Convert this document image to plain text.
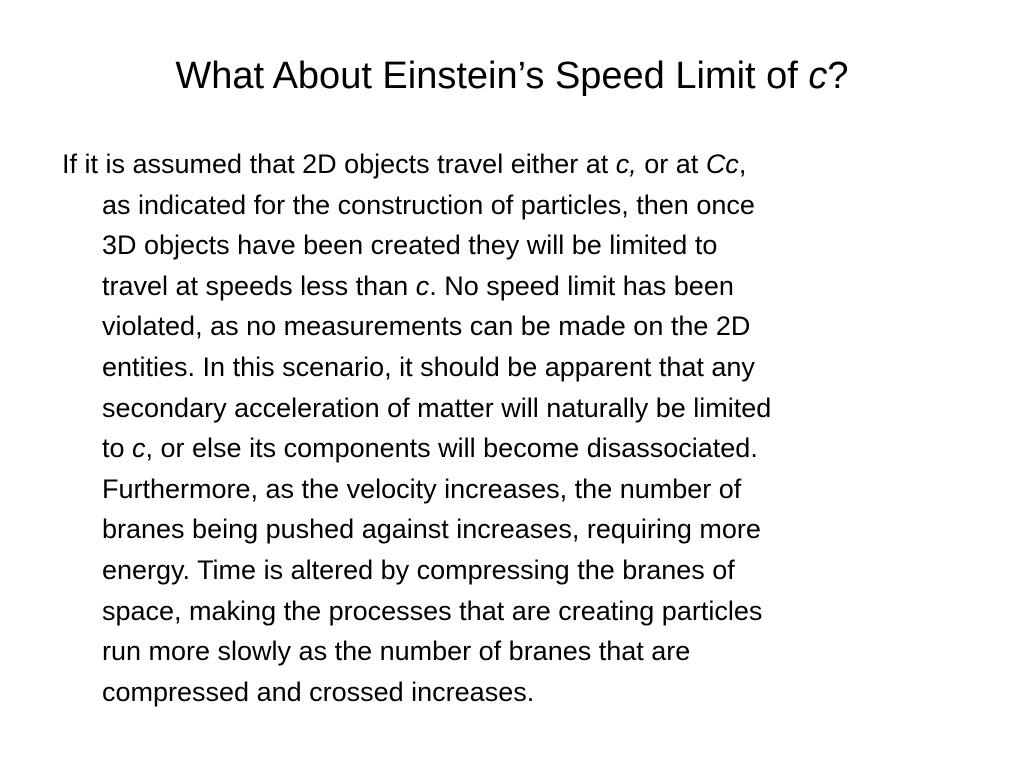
What About Einstein’s Speed Limit of c?
If it is assumed that 2D objects travel either at c, or at Cc,
as indicated for the construction of particles, then once
3D objects have been created they will be limited to
travel at speeds less than c. No speed limit has been
violated, as no measurements can be made on the 2D
entities. In this scenario, it should be apparent that any
secondary acceleration of matter will naturally be limited
to c, or else its components will become disassociated.
Furthermore, as the velocity increases, the number of
branes being pushed against increases, requiring more
energy. Time is altered by compressing the branes of
space, making the processes that are creating particles
run more slowly as the number of branes that are
compressed and crossed increases.
